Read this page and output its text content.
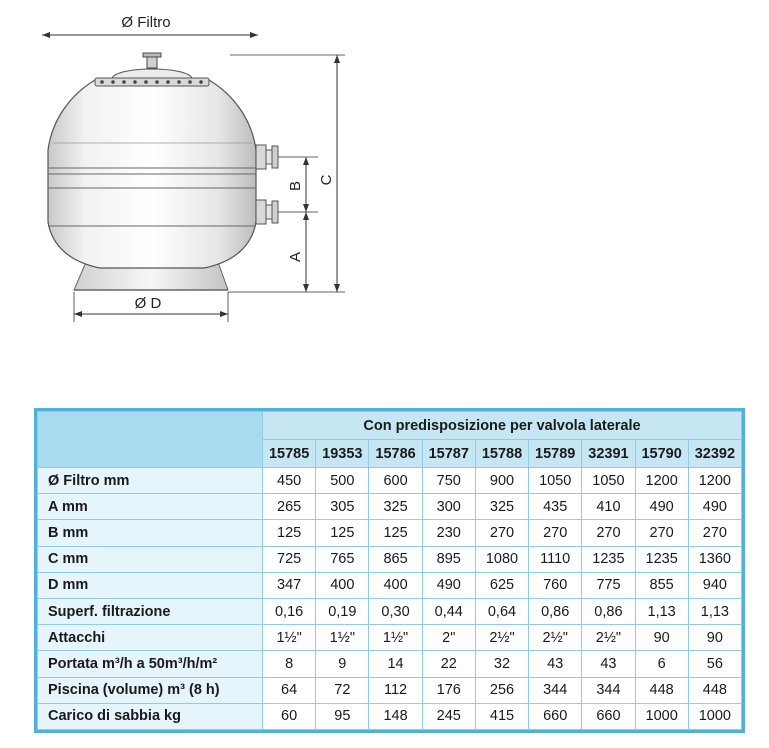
Ø Filtro
B
A
C
Ø D
	Con predisposizione per valvola laterale								
	15785	19353	15786	15787	15788	15789	32391	15790	32392
Ø Filtro mm	450	500	600	750	900	1050	1050	1200	1200
A mm	265	305	325	300	325	435	410	490	490
B mm	125	125	125	230	270	270	270	270	270
C mm	725	765	865	895	1080	1110	1235	1235	1360
D mm	347	400	400	490	625	760	775	855	940
Superf. filtrazione	0,16	0,19	0,30	0,44	0,64	0,86	0,86	1,13	1,13
Attacchi	1½"	1½"	1½"	2"	2½"	2½"	2½"	90	90
Portata m³/h a 50m³/h/m²	8	9	14	22	32	43	43	6	56
Piscina (volume) m³ (8 h)	64	72	112	176	256	344	344	448	448
Carico di sabbia kg	60	95	148	245	415	660	660	1000	1000
